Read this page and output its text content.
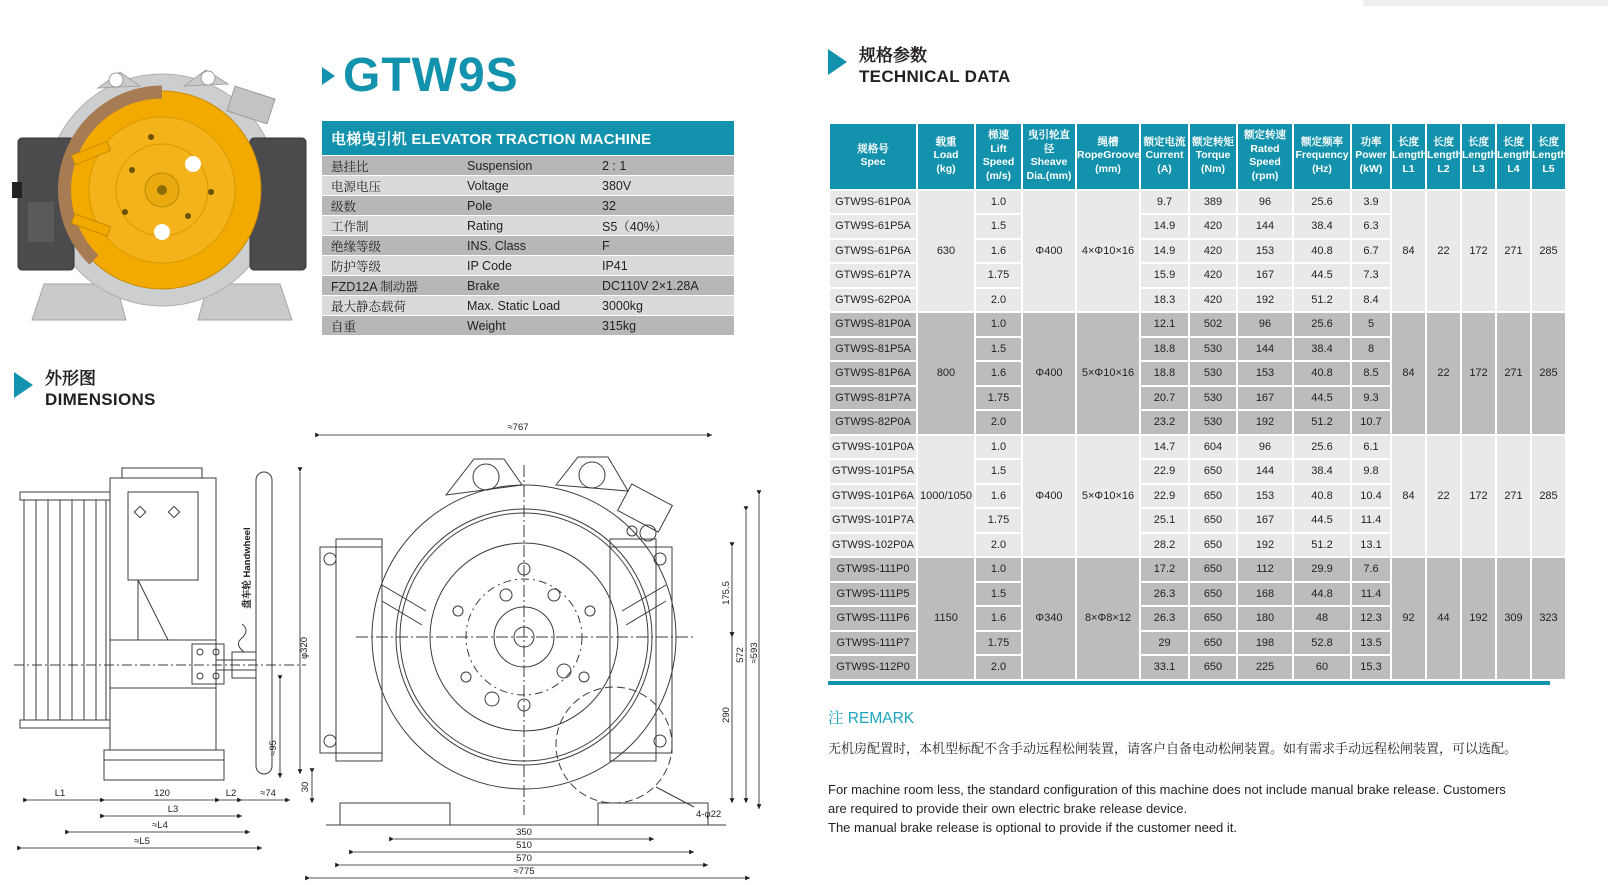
GTW9S
电梯曳引机 ELEVATOR TRACTION MACHINE
悬挂比	Suspension	2 : 1
电源电压	Voltage	380V
级数	Pole	32
工作制	Rating	S5（40%）
绝缘等级	INS. Class	F
防护等级	IP Code	IP41
FZD12A 制动器	Brake	DC110V 2×1.28A
最大静态载荷	Max. Static Load	3000kg
自重	Weight	315kg
外形图
DIMENSIONS
L1	120	L2	≈74
L3
≈L4
≈L5
≈95
φ320
盘车轮 Handwheel
≈767
175.5
290
572 ≈593
30
350
510
570
≈775
4-φ22
规格参数
TECHNICAL DATA
规格号
Spec

载重
Load
(kg)

梯速
Lift Speed
(m/s)

曳引轮直径
Sheave
Dia.(mm)

绳槽
RopeGroove
(mm)

额定电流
Current
(A)

额定转矩
Torque
(Nm)

额定转速
Rated Speed
(rpm)

额定频率
Frequency
(Hz)

功率
Power
(kW)

长度
Length
L1

长度
Length
L2

长度
Length
L3

长度
Length
L4

长度
Length
L5

GTW9S-61P0A	630	1.0	Φ400	4×Φ10×16	9.7	389	96	25.6	3.9	84	22	172	271	285
GTW9S-61P5A		1.5			14.9	420	144	38.4	6.3					
GTW9S-61P6A		1.6			14.9	420	153	40.8	6.7					
GTW9S-61P7A		1.75			15.9	420	167	44.5	7.3					
GTW9S-62P0A		2.0			18.3	420	192	51.2	8.4					
GTW9S-81P0A	800	1.0	Φ400	5×Φ10×16	12.1	502	96	25.6	5	84	22	172	271	285
GTW9S-81P5A		1.5			18.8	530	144	38.4	8					
GTW9S-81P6A		1.6			18.8	530	153	40.8	8.5					
GTW9S-81P7A		1.75			20.7	530	167	44.5	9.3					
GTW9S-82P0A		2.0			23.2	530	192	51.2	10.7					
GTW9S-101P0A	1000/1050	1.0	Φ400	5×Φ10×16	14.7	604	96	25.6	6.1	84	22	172	271	285
GTW9S-101P5A		1.5			22.9	650	144	38.4	9.8					
GTW9S-101P6A		1.6			22.9	650	153	40.8	10.4					
GTW9S-101P7A		1.75			25.1	650	167	44.5	11.4					
GTW9S-102P0A		2.0			28.2	650	192	51.2	13.1					
GTW9S-111P0	1150	1.0	Φ340	8×Φ8×12	17.2	650	112	29.9	7.6	92	44	192	309	323
GTW9S-111P5		1.5			26.3	650	168	44.8	11.4					
GTW9S-111P6		1.6			26.3	650	180	48	12.3					
GTW9S-111P7		1.75			29	650	198	52.8	13.5					
GTW9S-112P0		2.0			33.1	650	225	60	15.3					
注 REMARK
无机房配置时，本机型标配不含手动远程松闸装置，请客户自备电动松闸装置。如有需求手动远程松闸装置，可以选配。
For machine room less, the standard configuration of this machine does not include manual brake release. Customers
are required to provide their own electric brake release device.
The manual brake release is optional to provide if the customer need it.
